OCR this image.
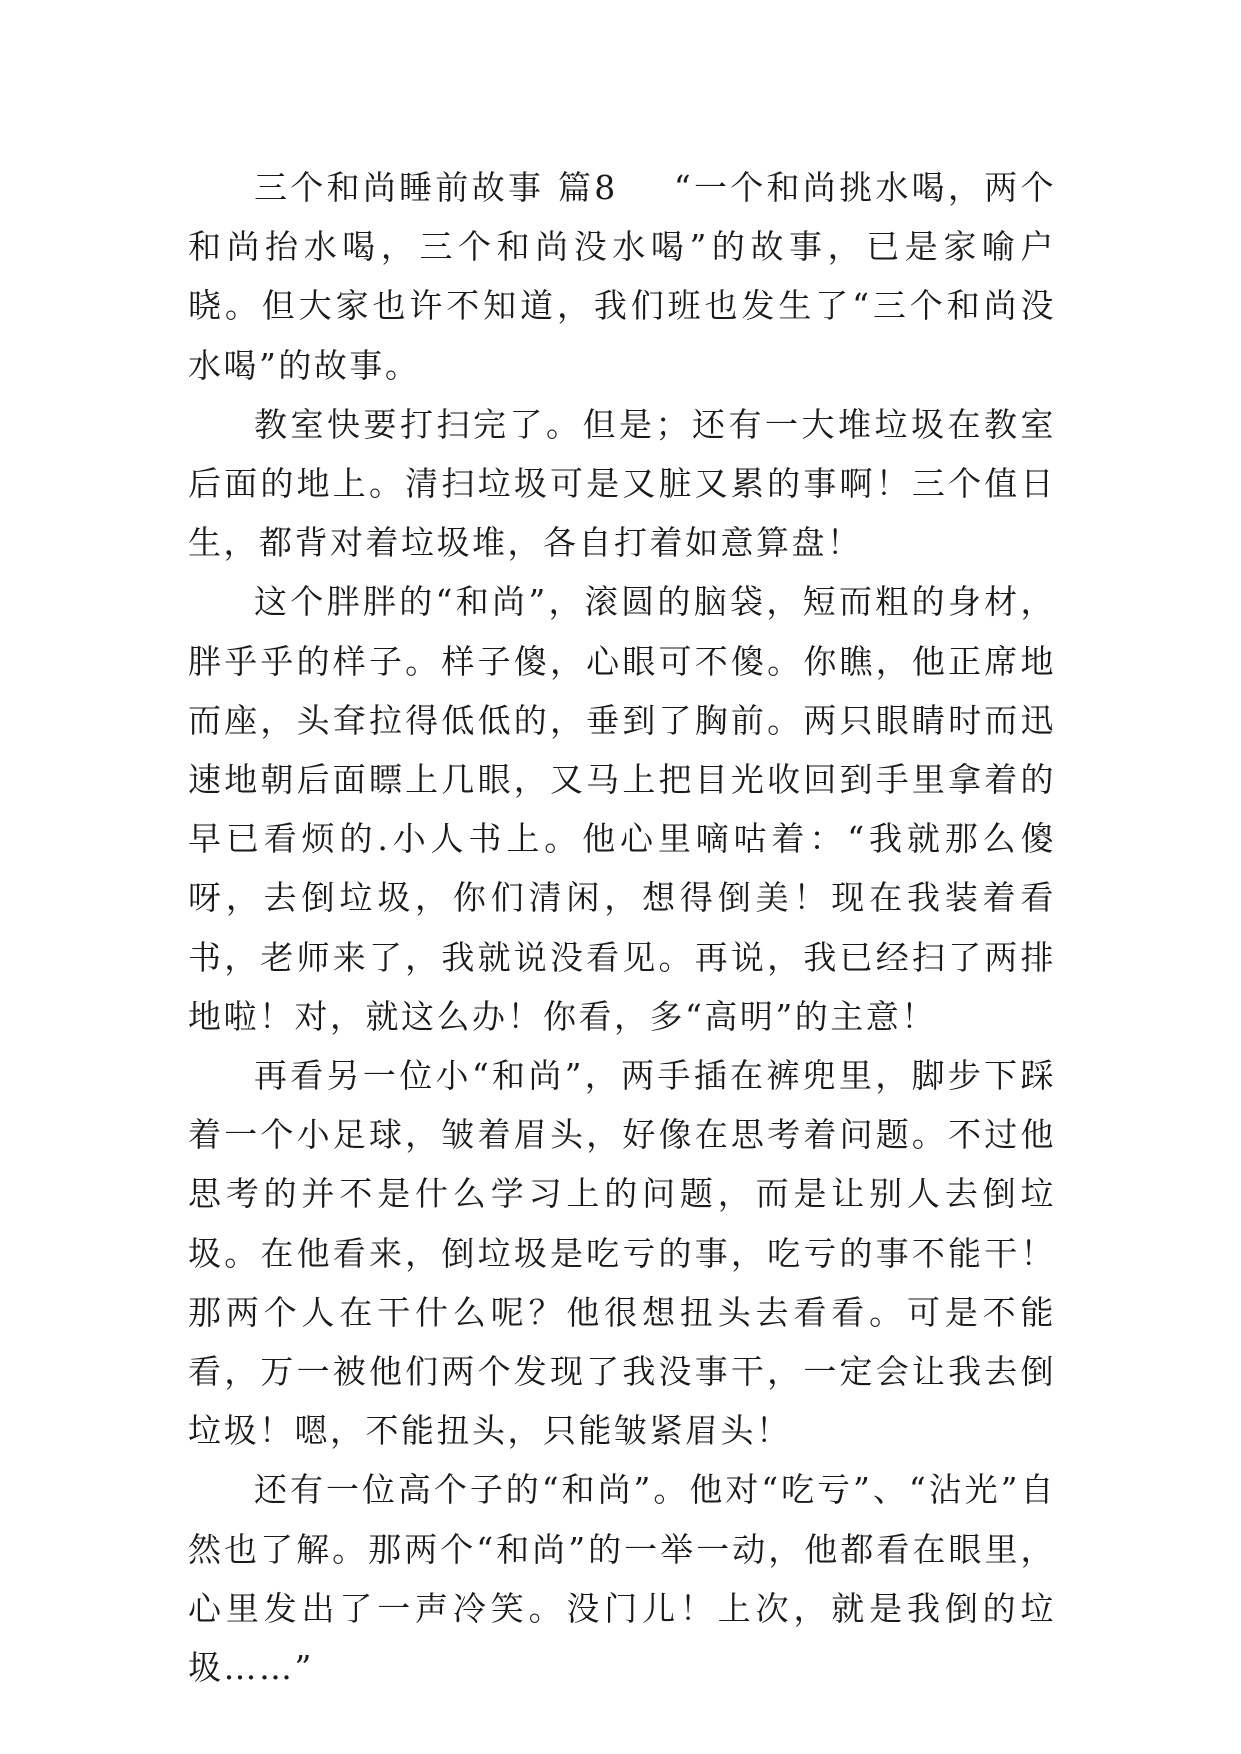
三个和尚睡前故事 篇8 “一个和尚挑水喝，两个和尚抬水喝，三个和尚没水喝”的故事，已是家喻户晓。但大家也许不知道，我们班也发生了“三个和尚没水喝”的故事。

教室快要打扫完了。但是；还有一大堆垃圾在教室后面的地上。清扫垃圾可是又脏又累的事啊！三个值日生，都背对着垃圾堆，各自打着如意算盘！

这个胖胖的“和尚”，滚圆的脑袋，短而粗的身材，胖乎乎的样子。样子傻，心眼可不傻。你瞧，他正席地而座，头耷拉得低低的，垂到了胸前。两只眼睛时而迅速地朝后面瞟上几眼，又马上把目光收回到手里拿着的早已看烦的.小人书上。他心里嘀咕着：“我就那么傻呀，去倒垃圾，你们清闲，想得倒美！现在我装着看书，老师来了，我就说没看见。再说，我已经扫了两排地啦！对，就这么办！你看，多“高明”的主意！

再看另一位小“和尚”，两手插在裤兜里，脚步下踩着一个小足球，皱着眉头，好像在思考着问题。不过他思考的并不是什么学习上的问题，而是让别人去倒垃圾。在他看来，倒垃圾是吃亏的事，吃亏的事不能干！那两个人在干什么呢？他很想扭头去看看。可是不能看，万一被他们两个发现了我没事干，一定会让我去倒垃圾！嗯，不能扭头，只能皱紧眉头！

还有一位高个子的“和尚”。他对“吃亏”、“沾光”自然也了解。那两个“和尚”的一举一动，他都看在眼里，心里发出了一声冷笑。没门儿！上次，就是我倒的垃圾……”
